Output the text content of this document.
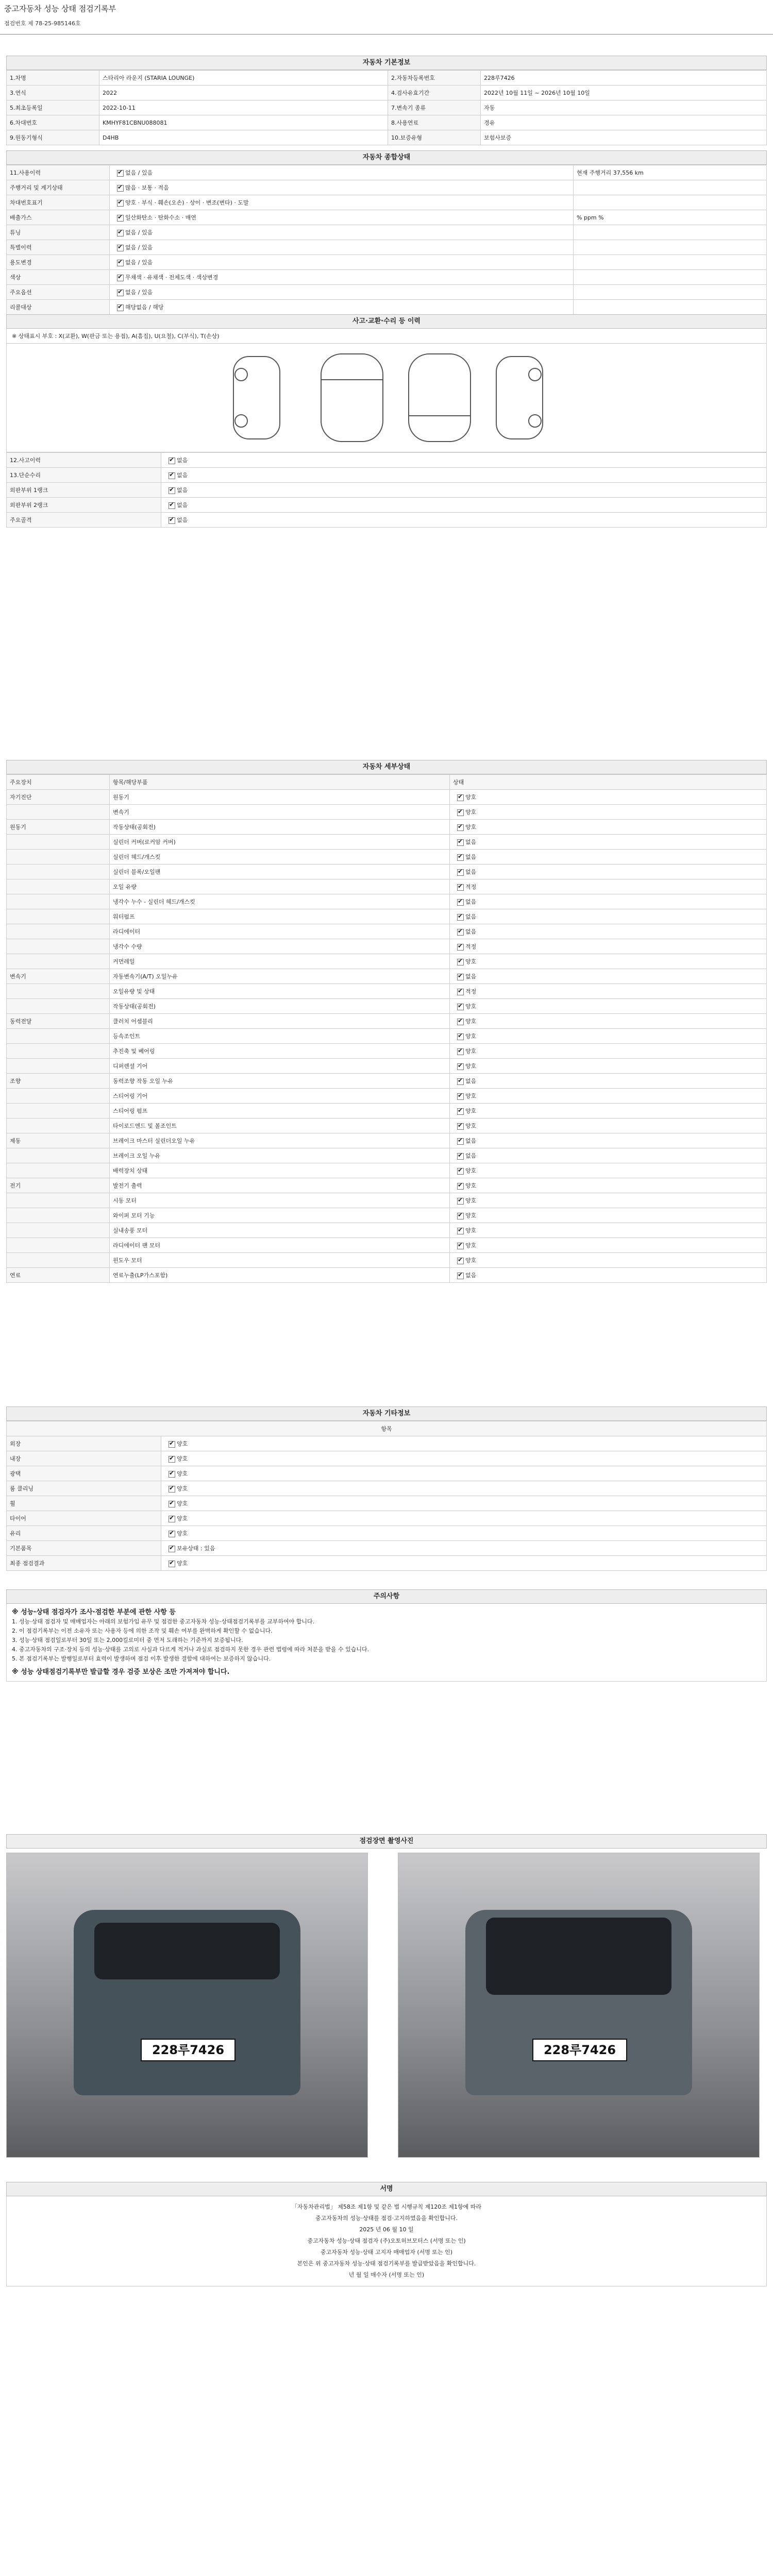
중고자동차 성능 상태 점검기록부
점검번호 제 78-25-985146호
자동차 기본정보
1.차명	스타리아 라운지 (STARIA LOUNGE)	2.자동차등록번호	228루7426
3.연식	2022	4.검사유효기간	2022년 10월 11일 ~ 2026년 10월 10일
5.최초등록일	2022-10-11	7.변속기 종류	자동
6.차대번호	KMHYF81CBNU088081	8.사용연료	경유
9.원동기형식	D4HB	10.보증유형	보험사보증
자동차 종합상태
11.사용이력	✔없음 / 있음	현재 주행거리 37,556 km
주행거리 및 계기상태	✔많음 · 보통 · 적음	
차대번호표기	✔양호 · 부식 · 훼손(오손) · 상이 · 변조(변타) · 도말	
배출가스	✔일산화탄소 · 탄화수소 · 매연	% ppm %
튜닝	✔없음 / 있음	
특별이력	✔없음 / 있음	
용도변경	✔없음 / 있음	
색상	✔무채색 · 유채색 · 전체도색 · 색상변경	
주요옵션	✔없음 / 있음	
리콜대상	✔해당없음 / 해당	
사고·교환·수리 등 이력
※ 상태표시 부호 : X(교환), W(판금 또는 용접), A(흠집), U(요철), C(부식), T(손상)
12.사고이력	✔없음
13.단순수리	✔없음
외판부위 1랭크	✔없음
외판부위 2랭크	✔없음
주요골격	✔없음
자동차 세부상태
주요장치	항목/해당부품	상태
자기진단	원동기	✔양호
	변속기	✔양호
원동기	작동상태(공회전)	✔양호
	실린더 커버(로커암 커버)	✔없음
	실린더 헤드/개스킷	✔없음
	실린더 블록/오일팬	✔없음
	오일 유량	✔적정
	냉각수 누수 - 실린더 헤드/개스킷	✔없음
	워터펌프	✔없음
	라디에이터	✔없음
	냉각수 수량	✔적정
	커먼레일	✔양호
변속기	자동변속기(A/T) 오일누유	✔없음
	오일유량 및 상태	✔적정
	작동상태(공회전)	✔양호
동력전달	클러치 어셈블리	✔양호
	등속조인트	✔양호
	추진축 및 베어링	✔양호
	디퍼렌셜 기어	✔양호
조향	동력조향 작동 오일 누유	✔없음
	스티어링 기어	✔양호
	스티어링 펌프	✔양호
	타이로드엔드 및 볼조인트	✔양호
제동	브레이크 마스터 실린더오일 누유	✔없음
	브레이크 오일 누유	✔없음
	배력장치 상태	✔양호
전기	발전기 출력	✔양호
	시동 모터	✔양호
	와이퍼 모터 기능	✔양호
	실내송풍 모터	✔양호
	라디에이터 팬 모터	✔양호
	윈도우 모터	✔양호
연료	연료누출(LP가스포함)	✔없음
자동차 기타정보
항목	
외장	✔양호
내장	✔양호
광택	✔양호
룸 클리닝	✔양호
휠	✔양호
타이어	✔양호
유리	✔양호
기본품목	✔보유상태 : 있음
최종 점검결과	✔양호
주의사항
※ 성능·상태 점검자가 조사·점검한 부분에 관한 사항 등
1. 성능·상태 점검자 및 매매업자는 아래의 보험가입 유무 및 점검한 중고자동차 성능·상태점검기록부를 교부하여야 합니다.
2. 이 점검기록부는 이전 소유자 또는 사용자 등에 의한 조작 및 훼손 여부를 완벽하게 확인할 수 없습니다.
3. 성능·상태 점검일로부터 30일 또는 2,000킬로미터 중 먼저 도래하는 기준까지 보증됩니다.
4. 중고자동차의 구조·장치 등의 성능·상태를 고의로 사실과 다르게 적거나 과실로 점검하지 못한 경우 관련 법령에 따라 처분을 받을 수 있습니다.
5. 본 점검기록부는 발행일로부터 효력이 발생하며 점검 이후 발생한 결함에 대하여는 보증하지 않습니다.
※ 성능 상태점검기록부만 발급할 경우 검증 보상은 조만 가져져야 합니다.
점검장면 촬영사진
228루7426	228루7426
서명
「자동차관리법」 제58조 제1항 및 같은 법 시행규칙 제120조 제1항에 따라
중고자동차의 성능·상태를 점검·고지하였음을 확인합니다.
2025 년 06 월 10 일
중고자동차 성능·상태 점검자 (주)오토허브모터스 (서명 또는 인)
중고자동차 성능·상태 고지자 매매업자 (서명 또는 인)
본인은 위 중고자동차 성능·상태 점검기록부를 발급받았음을 확인합니다.
년 월 일 매수자 (서명 또는 인)
